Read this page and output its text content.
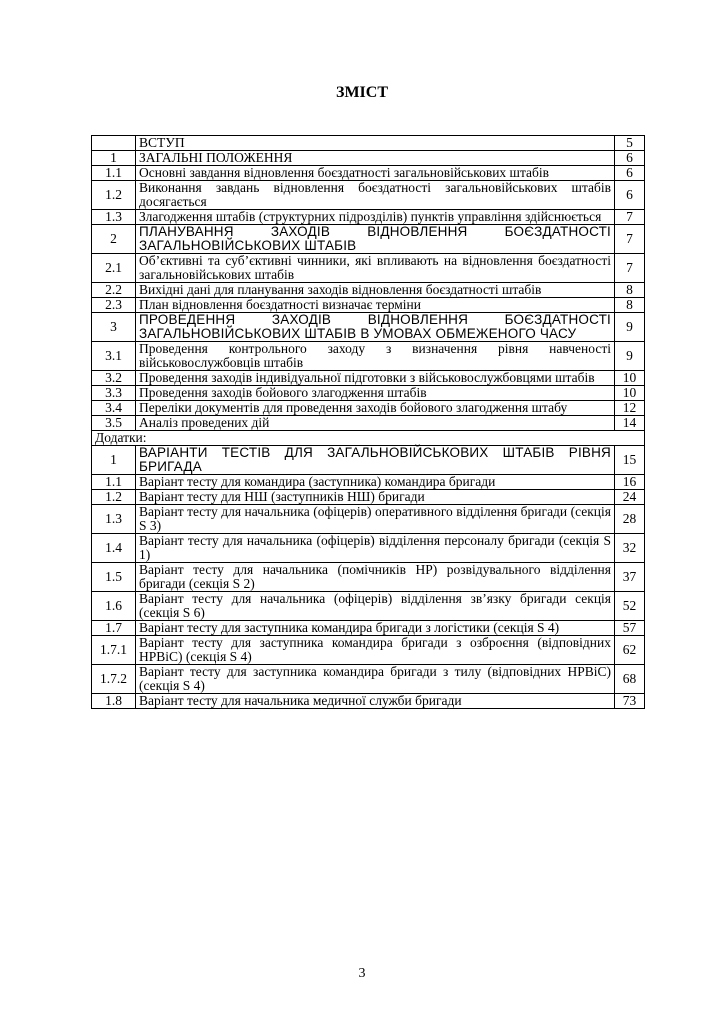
ЗМІСТ
	ВСТУП	5
1	ЗАГАЛЬНІ ПОЛОЖЕННЯ	6
1.1	Основні завдання відновлення боєздатності загальновійськових штабів	6
1.2	Виконання завдань відновлення боєздатності загальновійськових штабів досягається	6
1.3	Злагодження штабів (структурних підрозділів) пунктів управління здійснюється	7
2	ПЛАНУВАННЯ ЗАХОДІВ ВІДНОВЛЕННЯ БОЄЗДАТНОСТІ ЗАГАЛЬНОВІЙСЬКОВИХ ШТАБІВ	7
2.1	Об’єктивні та суб’єктивні чинники, які впливають на відновлення боєздатності загальновійськових штабів	7
2.2	Вихідні дані для планування заходів відновлення боєздатності штабів	8
2.3	План відновлення боєздатності визначає терміни	8
3	ПРОВЕДЕННЯ ЗАХОДІВ ВІДНОВЛЕННЯ БОЄЗДАТНОСТІ ЗАГАЛЬНОВІЙСЬКОВИХ ШТАБІВ В УМОВАХ ОБМЕЖЕНОГО ЧАСУ	9
3.1	Проведення контрольного заходу з визначення рівня навченості військовослужбовців штабів	9
3.2	Проведення заходів індивідуальної підготовки з військовослужбовцями штабів	10
3.3	Проведення заходів бойового злагодження штабів	10
3.4	Переліки документів для проведення заходів бойового злагодження штабу	12
3.5	Аналіз проведених дій	14
Додатки:		
1	ВАРІАНТИ ТЕСТІВ ДЛЯ ЗАГАЛЬНОВІЙСЬКОВИХ ШТАБІВ РІВНЯ БРИГАДА	15
1.1	Варіант тесту для командира (заступника) командира бригади	16
1.2	Варіант тесту для НШ (заступників НШ) бригади	24
1.3	Варіант тесту для начальника (офіцерів) оперативного відділення бригади (секція S 3)	28
1.4	Варіант тесту для начальника (офіцерів) відділення персоналу бригади (секція S 1)	32
1.5	Варіант тесту для начальника (помічників НР) розвідувального відділення бригади (секція S 2)	37
1.6	Варіант тесту для начальника (офіцерів) відділення зв’язку бригади секція (секція S 6)	52
1.7	Варіант тесту для заступника командира бригади з логістики (секція S 4)	57
1.7.1	Варіант тесту для заступника командира бригади з озброєння (відповідних НРВіС) (секція S 4)	62
1.7.2	Варіант тесту для заступника командира бригади з тилу (відповідних НРВіС) (секція S 4)	68
1.8	Варіант тесту для начальника медичної служби бригади	73
3
